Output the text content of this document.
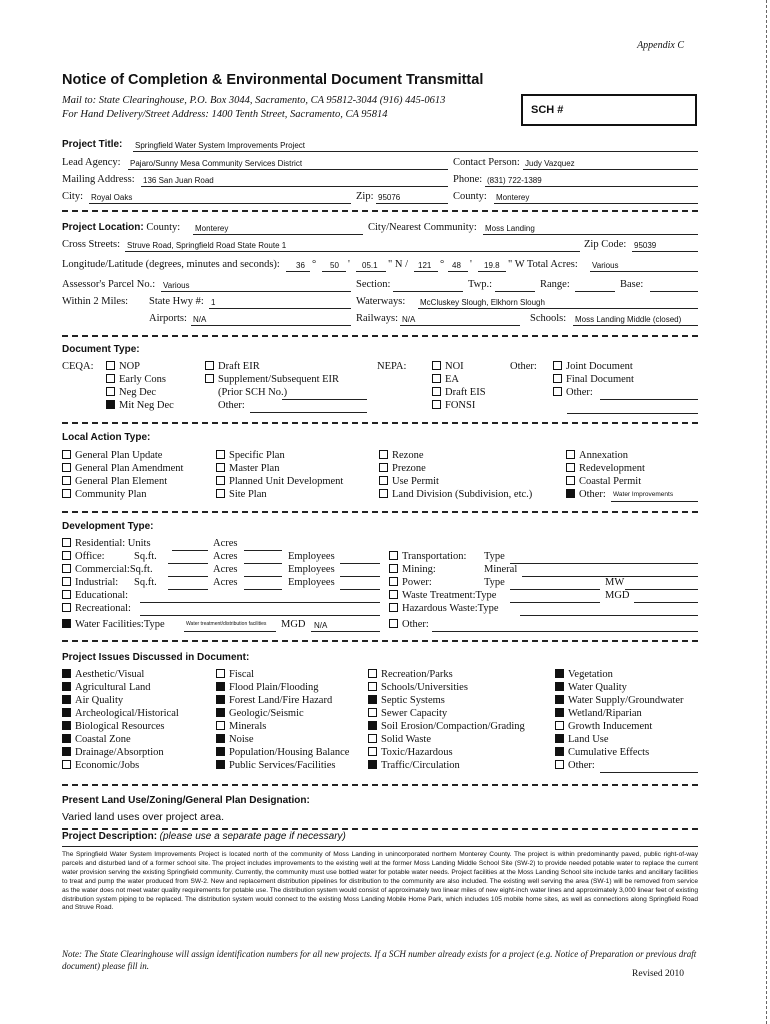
Appendix C
Notice of Completion & Environmental Document Transmittal
Mail to: State Clearinghouse, P.O. Box 3044, Sacramento, CA 95812-3044 (916) 445-0613
For Hand Delivery/Street Address: 1400 Tenth Street, Sacramento, CA 95814	SCH #
Project Title: Springfield Water System Improvements Project
Lead Agency: Pajaro/Sunny Mesa Community Services District	Contact Person: Judy Vazquez
Mailing Address: 136 San Juan Road	Phone: (831) 722-1389
City: Royal Oaks	Zip: 95076	County: Monterey
Project Location: County: Monterey	City/Nearest Community: Moss Landing
Cross Streets: Struve Road, Springfield Road State Route 1	Zip Code: 95039
Longitude/Latitude (degrees, minutes and seconds): 36 ° 50 ' 05.1 " N / 121 ° 48 ' 19.8 " W Total Acres: Various
Assessor's Parcel No.: Various	Section:	Twp.:	Range:	Base:
Within 2 Miles: State Hwy #: 1	Waterways: McCluskey Slough, Elkhorn Slough
Airports: N/A	Railways: N/A	Schools: Moss Landing Middle (closed)
Document Type:
CEQA:	NOP
Early Cons
Neg Dec
Mit Neg Dec
Draft EIR
Supplement/Subsequent EIR
(Prior SCH No.)
Other:
NEPA:	NOI
EA
Draft EIS
FONSI
Other:	Joint Document
Final Document
Other:
Local Action Type:
General Plan Update
General Plan Amendment
General Plan Element
Community Plan
Specific Plan
Master Plan
Planned Unit Development
Site Plan
Rezone
Prezone
Use Permit
Land Division (Subdivision, etc.)
Annexation
Redevelopment
Coastal Permit
Other: Water Improvements
Development Type:
Residential: Units	Acres
Office:	Sq.ft.	Acres	Employees
Commercial:Sq.ft.	Acres	Employees
Industrial: Sq.ft.	Acres	Employees
Educational:
Recreational:
Water Facilities:Type	Water treatment/distribution facilities MGD N/A
Transportation: Type
Mining:	Mineral
Power:	Type	MW
Waste Treatment:Type	MGD
Hazardous Waste:Type
Other:
Project Issues Discussed in Document:
Aesthetic/Visual
Agricultural Land
Air Quality
Archeological/Historical
Biological Resources
Coastal Zone
Drainage/Absorption
Economic/Jobs
Fiscal
Flood Plain/Flooding
Forest Land/Fire Hazard
Geologic/Seismic
Minerals
Noise
Population/Housing Balance
Public Services/Facilities
Recreation/Parks
Schools/Universities
Septic Systems
Sewer Capacity
Soil Erosion/Compaction/Grading
Solid Waste
Toxic/Hazardous
Traffic/Circulation
Vegetation
Water Quality
Water Supply/Groundwater
Wetland/Riparian
Growth Inducement
Land Use
Cumulative Effects
Other:
Present Land Use/Zoning/General Plan Designation:
Varied land uses over project area.
Project Description: (please use a separate page if necessary)
The Springfield Water System Improvements Project is located north of the community of Moss Landing in unincorporated northern Monterey County. The project is within predominantly paved, public right-of-way parcels and disturbed land of a former school site. The project includes improvements to the existing well at the former Moss Landing Middle School Site (SW-2) to provide needed potable water to replace the current water provision serving the existing Springfield community. Currently, the community must use bottled water for potable water needs. Project facilities at the Moss Landing School site include tanks and ancillary facilities to treat and pump the water produced from SW-2. New and replacement distribution pipelines for distribution to the community are also included. The existing well serving the area (SW-1) will be removed from service as the water does not meet water quality requirements for potable use. The distribution system would consist of approximately two linear miles of new eight-inch water lines and approximately 3,000 linear feet of existing distribution system piping to be replaced. The distribution system would connect to the existing Moss Landing Mobile Home Park, which includes 105 mobile home sites, as well as connections along Springfield Road and Struve Road.
Note: The State Clearinghouse will assign identification numbers for all new projects. If a SCH number already exists for a project (e.g. Notice of Preparation or previous draft document) please fill in.
Revised 2010
